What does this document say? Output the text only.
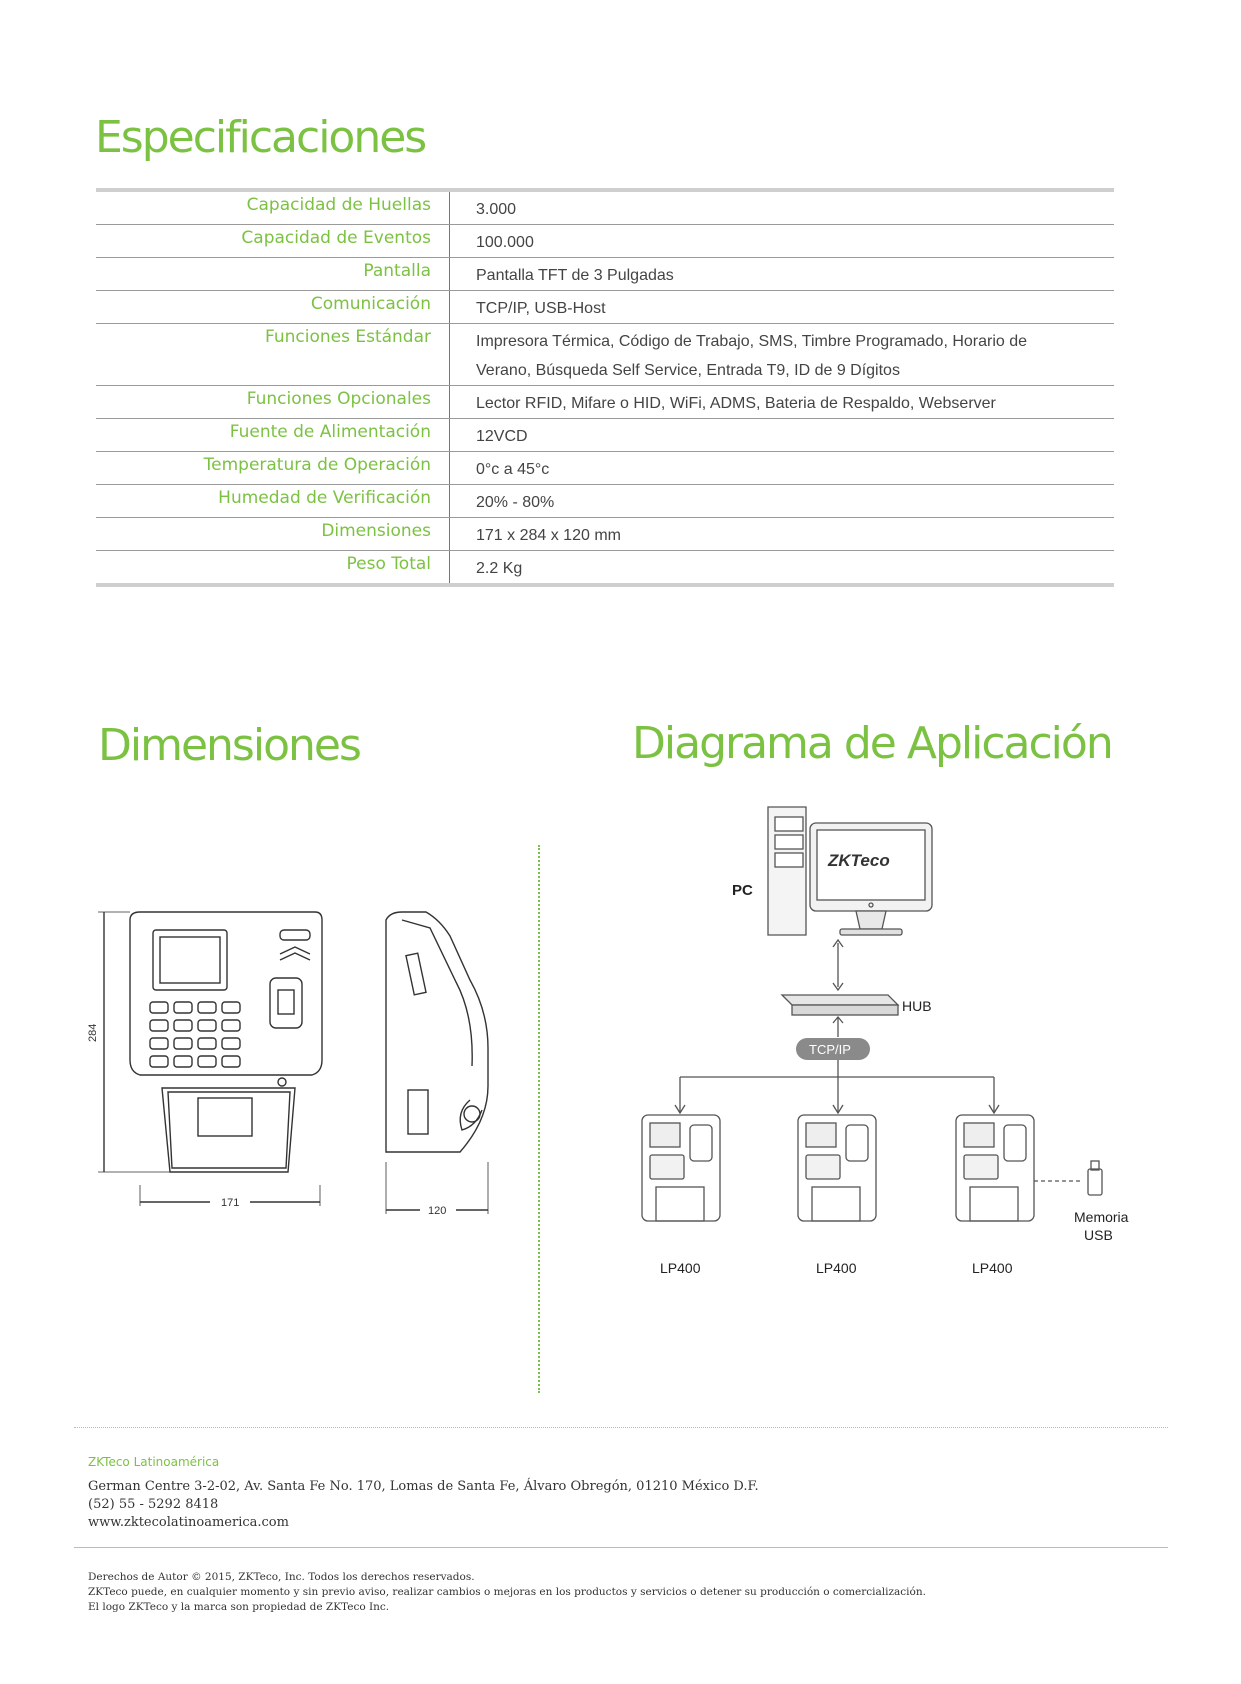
Especificaciones
Capacidad de Huellas	3.000
Capacidad de Eventos	100.000
Pantalla	Pantalla TFT de 3 Pulgadas
Comunicación	TCP/IP, USB-Host
Funciones Estándar	Impresora Térmica, Código de Trabajo, SMS, Timbre Programado, Horario de
Verano, Búsqueda Self Service, Entrada T9, ID de 9 Dígitos

Funciones Opcionales	Lector RFID, Mifare o HID, WiFi, ADMS, Bateria de Respaldo, Webserver
Fuente de Alimentación	12VCD
Temperatura de Operación	0°c a 45°c
Humedad de Verificación	20% - 80%
Dimensiones	171 x 284 x 120 mm
Peso Total	2.2 Kg
Dimensiones	Diagrama de Aplicación
284
171
120
PC
ZKTeco
HUB
TCP/IP
LP400	LP400	LP400
Memoria
USB
ZKTeco Latinoamérica
German Centre 3-2-02, Av. Santa Fe No. 170, Lomas de Santa Fe, Álvaro Obregón, 01210 México D.F.
(52) 55 - 5292 8418
www.zktecolatinoamerica.com
Derechos de Autor © 2015, ZKTeco, Inc. Todos los derechos reservados.
ZKTeco puede, en cualquier momento y sin previo aviso, realizar cambios o mejoras en los productos y servicios o detener su producción o comercialización.
El logo ZKTeco y la marca son propiedad de ZKTeco Inc.
